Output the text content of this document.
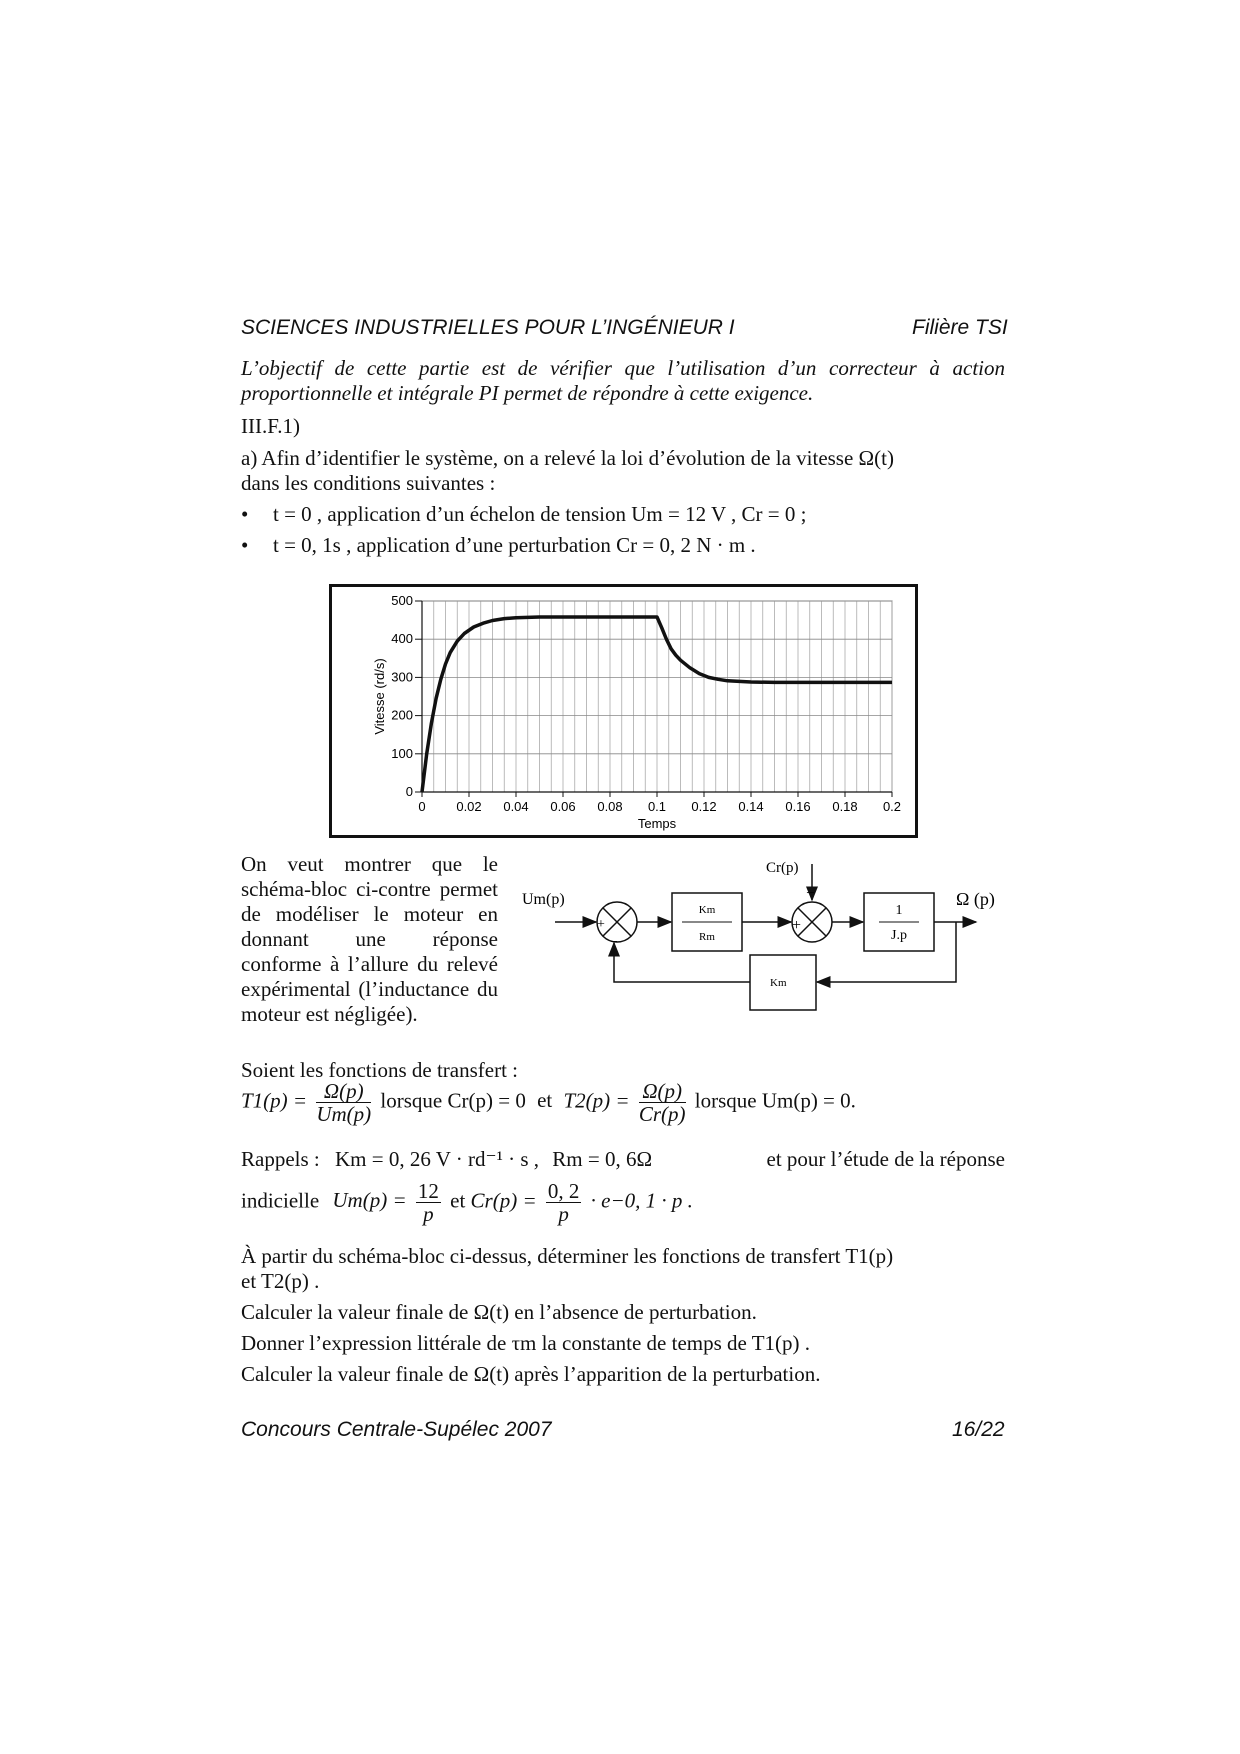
SCIENCES INDUSTRIELLES POUR L’INGÉNIEUR I	Filière TSI
L’objectif de cette partie est de vérifier que l’utilisation d’un correcteur à action proportionnelle et intégrale PI permet de répondre à cette exigence.
III.F.1)
a) Afin d’identifier le système, on a relevé la loi d’évolution de la vitesse Ω(t)
dans les conditions suivantes :
• t = 0 , application d’un échelon de tension Um = 12 V , Cr = 0 ;
• t = 0, 1s , application d’une perturbation Cr = 0, 2 N · m .
0
100
200
300
400
500
0 0.02 0.04 0.06 0.08 0.1 0.12 0.14 0.16 0.18 0.2
Temps
Vitesse (rd/s)
On veut montrer que le schéma-bloc ci-contre permet de modéliser le moteur en donnant une réponse conforme à l’allure du relevé expérimental (l’inductance du moteur est négligée).
Um(p)
+
−
Km
Rm
Cr(p)
+
−
1
J.p
Ω (p)
Km
Soient les fonctions de transfert :
$T1(p) = \frac{\Omega(p)}{Um(p)}$ lorsque Cr(p) = 0 et $T2(p) = \frac{\Omega(p)}{Cr(p)}$ lorsque Um(p) = 0.
Rappels : Km = 0, 26 V · rd⁻¹ · s , Rm = 0, 6Ω	et pour l’étude de la réponse
indicielle $Um(p) = \frac{12}{p}$ et $Cr(p) = \frac{0, 2}{p} \cdot e-0$, 1 · p .
À partir du schéma-bloc ci-dessus, déterminer les fonctions de transfert T1(p)
et T2(p) .
Calculer la valeur finale de Ω(t) en l’absence de perturbation.
Donner l’expression littérale de τm la constante de temps de T1(p) .
Calculer la valeur finale de Ω(t) après l’apparition de la perturbation.
Concours Centrale-Supélec 2007	16/22
